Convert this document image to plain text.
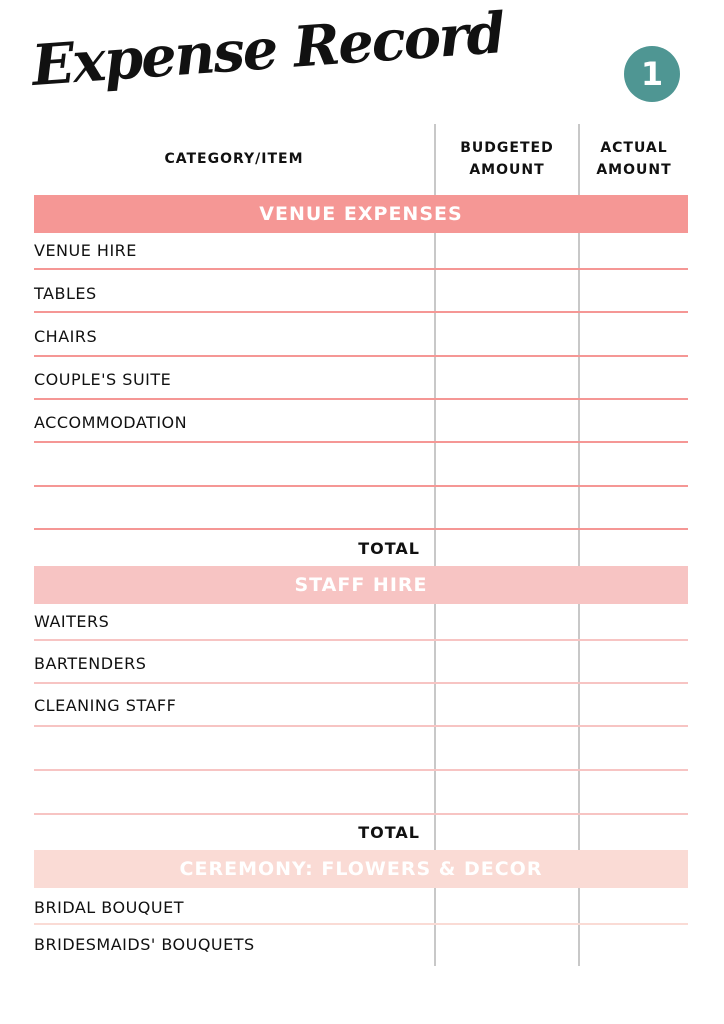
Expense Record	1
CATEGORY/ITEM
BUDGETED AMOUNT
ACTUAL AMOUNT
VENUE EXPENSES
VENUE HIRE
TABLES
CHAIRS
COUPLE'S SUITE
ACCOMMODATION
TOTAL
STAFF HIRE
WAITERS
BARTENDERS
CLEANING STAFF
TOTAL
CEREMONY: FLOWERS & DECOR
BRIDAL BOUQUET
BRIDESMAIDS' BOUQUETS
